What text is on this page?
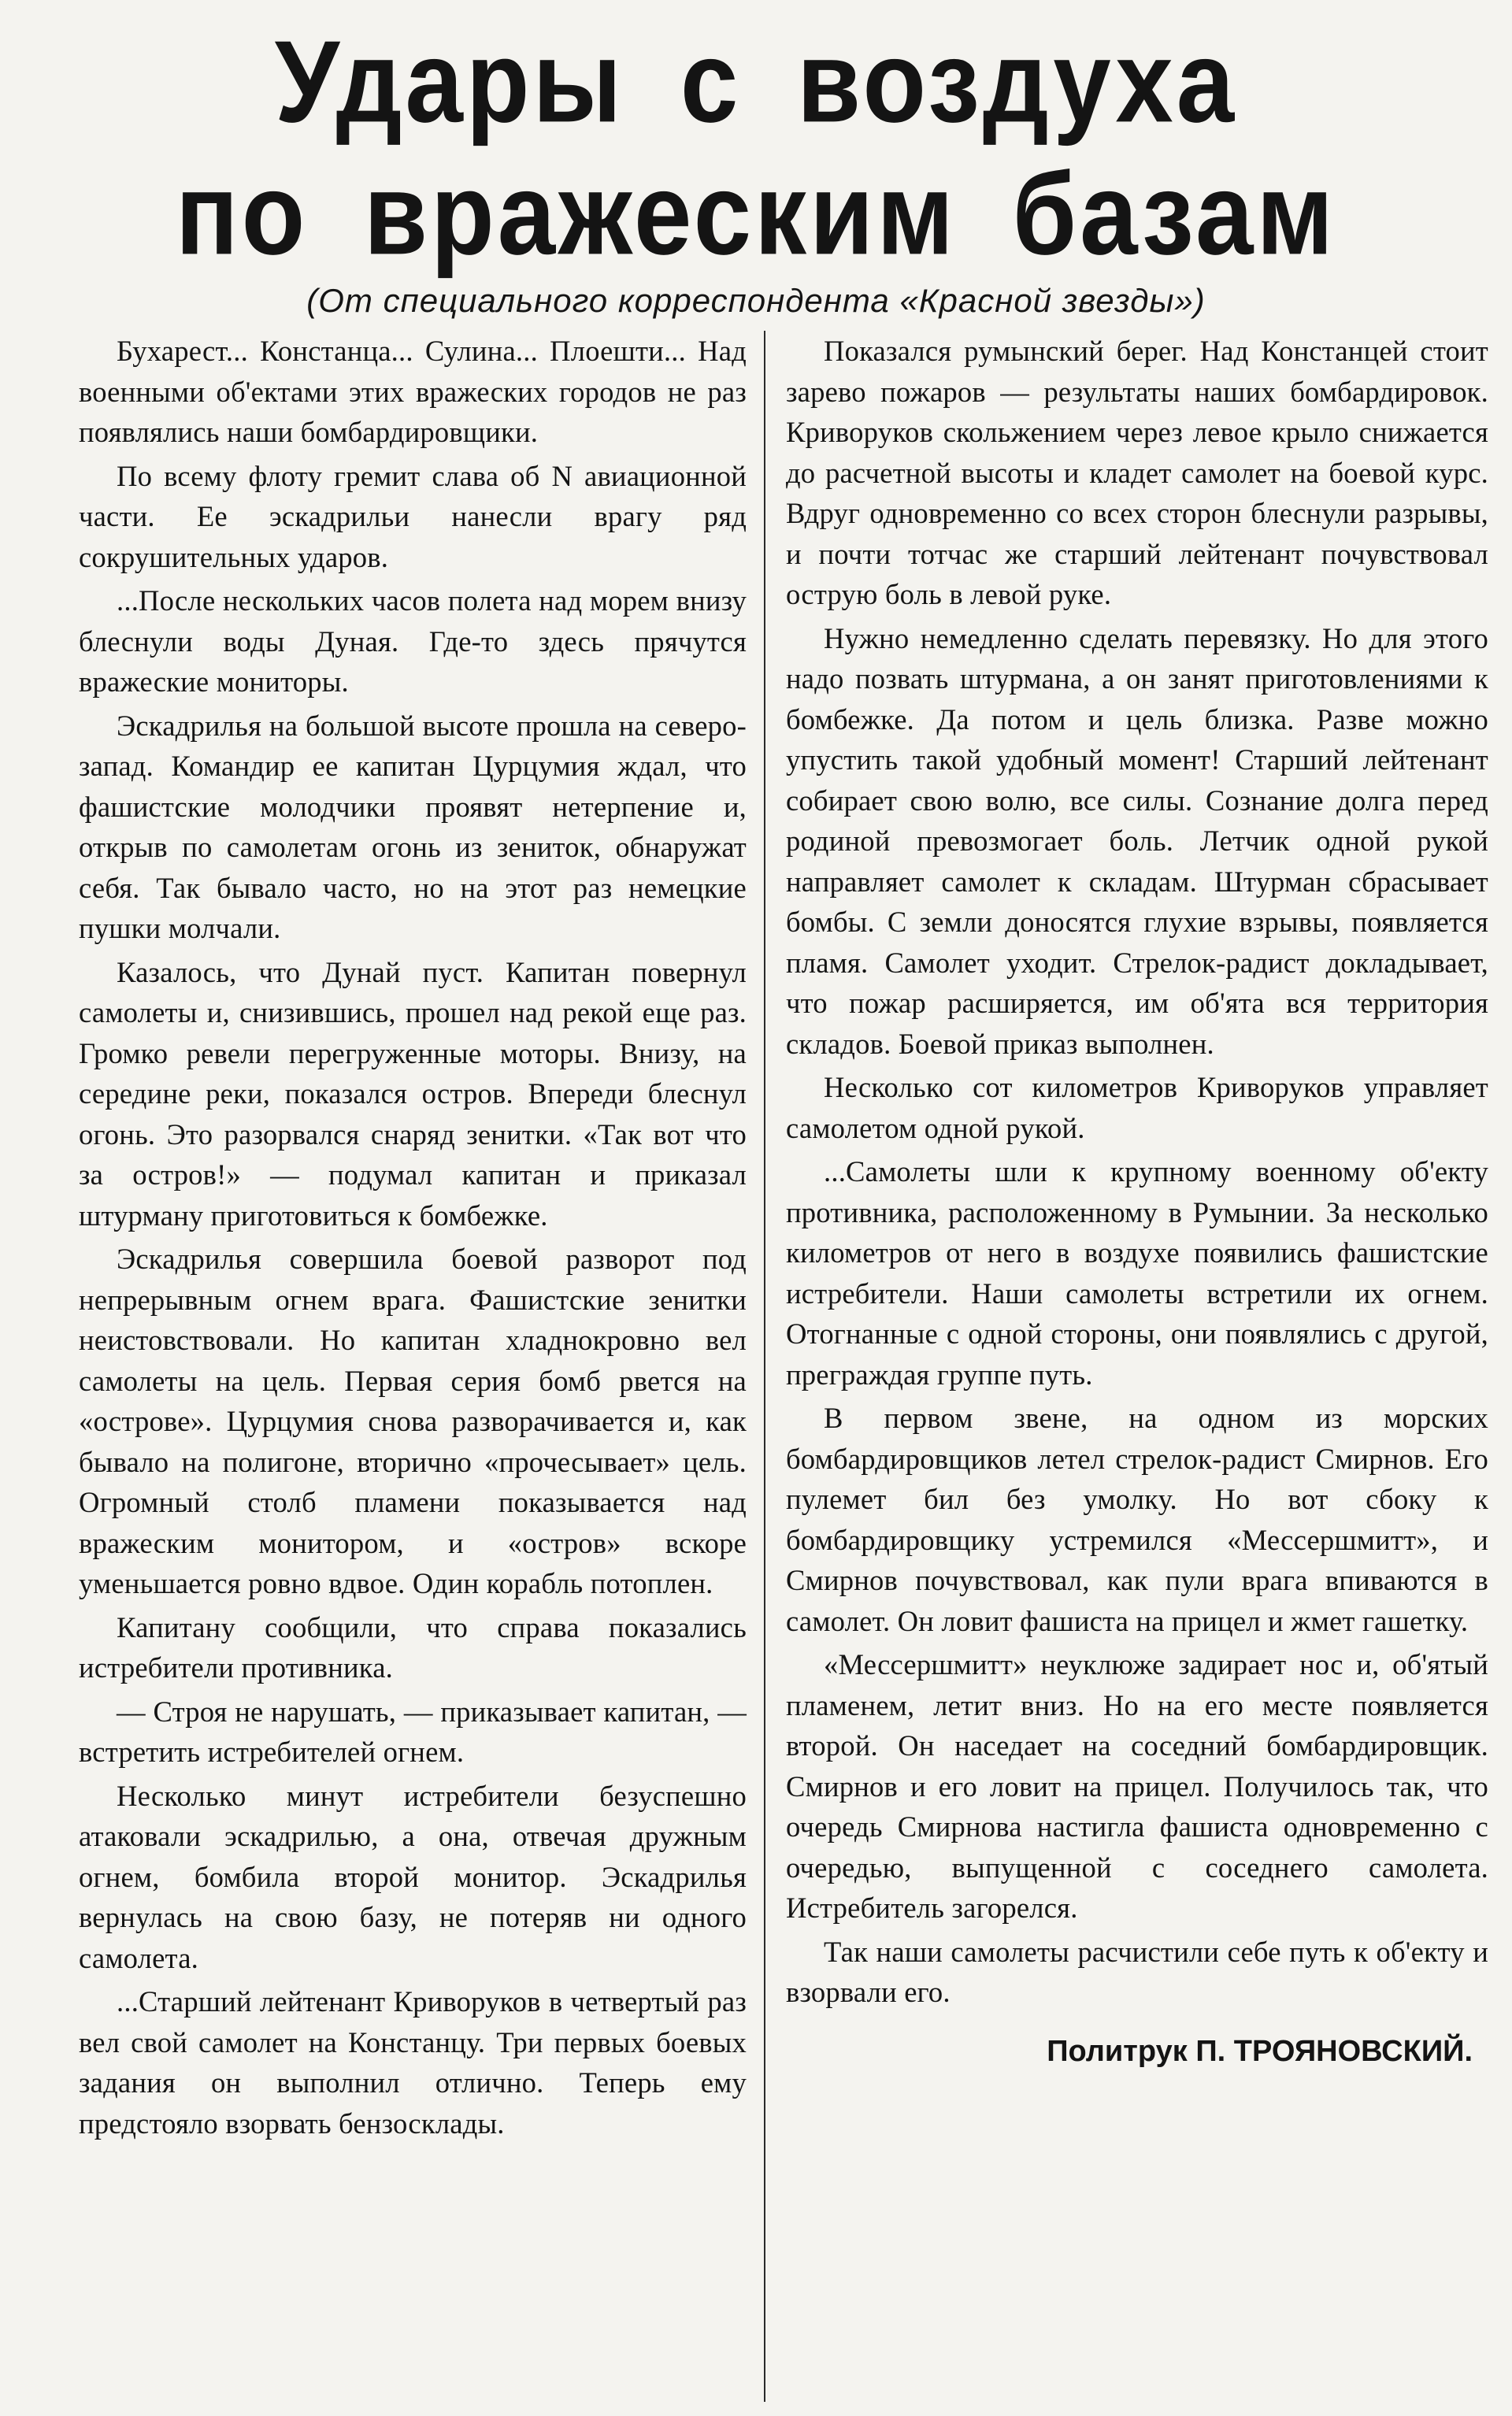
Удары с воздуха
по вражеским базам
(От специального корреспондента «Красной звезды»)

Бухарест... Констанца... Сулина... Плоешти... Над военными об'ектами этих вражеских городов не раз появлялись наши бомбардировщики.

По всему флоту гремит слава об N авиационной части. Ее эскадрильи нанесли врагу ряд сокрушительных ударов.

...После нескольких часов полета над морем внизу блеснули воды Дуная. Где-то здесь прячутся вражеские мониторы.

Эскадрилья на большой высоте прошла на северо-запад. Командир ее капитан Цурцумия ждал, что фашистские молодчики проявят нетерпение и, открыв по самолетам огонь из зениток, обнаружат себя. Так бывало часто, но на этот раз немецкие пушки молчали.

Казалось, что Дунай пуст. Капитан повернул самолеты и, снизившись, прошел над рекой еще раз. Громко ревели перегруженные моторы. Внизу, на середине реки, показался остров. Впереди блеснул огонь. Это разорвался снаряд зенитки. «Так вот что за остров!» — подумал капитан и приказал штурману приготовиться к бомбежке.

Эскадрилья совершила боевой разворот под непрерывным огнем врага. Фашистские зенитки неистовствовали. Но капитан хладнокровно вел самолеты на цель. Первая серия бомб рвется на «острове». Цурцумия снова разворачивается и, как бывало на полигоне, вторично «прочесывает» цель. Огромный столб пламени показывается над вражеским монитором, и «остров» вскоре уменьшается ровно вдвое. Один корабль потоплен.

Капитану сообщили, что справа показались истребители противника.

— Строя не нарушать, — приказывает капитан, — встретить истребителей огнем.

Несколько минут истребители безуспешно атаковали эскадрилью, а она, отвечая дружным огнем, бомбила второй монитор. Эскадрилья вернулась на свою базу, не потеряв ни одного самолета.

...Старший лейтенант Криворуков в четвертый раз вел свой самолет на Констанцу. Три первых боевых задания он выполнил отлично. Теперь ему предстояло взорвать бензосклады.

Показался румынский берег. Над Констанцей стоит зарево пожаров — результаты наших бомбардировок. Криворуков скольжением через левое крыло снижается до расчетной высоты и кладет самолет на боевой курс. Вдруг одновременно со всех сторон блеснули разрывы, и почти тотчас же старший лейтенант почувствовал острую боль в левой руке.

Нужно немедленно сделать перевязку. Но для этого надо позвать штурмана, а он занят приготовлениями к бомбежке. Да потом и цель близка. Разве можно упустить такой удобный момент! Старший лейтенант собирает свою волю, все силы. Сознание долга перед родиной превозмогает боль. Летчик одной рукой направляет самолет к складам. Штурман сбрасывает бомбы. С земли доносятся глухие взрывы, появляется пламя. Самолет уходит. Стрелок-радист докладывает, что пожар расширяется, им об'ята вся территория складов. Боевой приказ выполнен.

Несколько сот километров Криворуков управляет самолетом одной рукой.

...Самолеты шли к крупному военному об'екту противника, расположенному в Румынии. За несколько километров от него в воздухе появились фашистские истребители. Наши самолеты встретили их огнем. Отогнанные с одной стороны, они появлялись с другой, преграждая группе путь.

В первом звене, на одном из морских бомбардировщиков летел стрелок-радист Смирнов. Его пулемет бил без умолку. Но вот сбоку к бомбардировщику устремился «Мессершмитт», и Смирнов почувствовал, как пули врага впиваются в самолет. Он ловит фашиста на прицел и жмет гашетку.

«Мессершмитт» неуклюже задирает нос и, об'ятый пламенем, летит вниз. Но на его месте появляется второй. Он наседает на соседний бомбардировщик. Смирнов и его ловит на прицел. Получилось так, что очередь Смирнова настигла фашиста одновременно с очередью, выпущенной с соседнего самолета. Истребитель загорелся.

Так наши самолеты расчистили себе путь к об'екту и взорвали его.

Политрук П. ТРОЯНОВСКИЙ.
